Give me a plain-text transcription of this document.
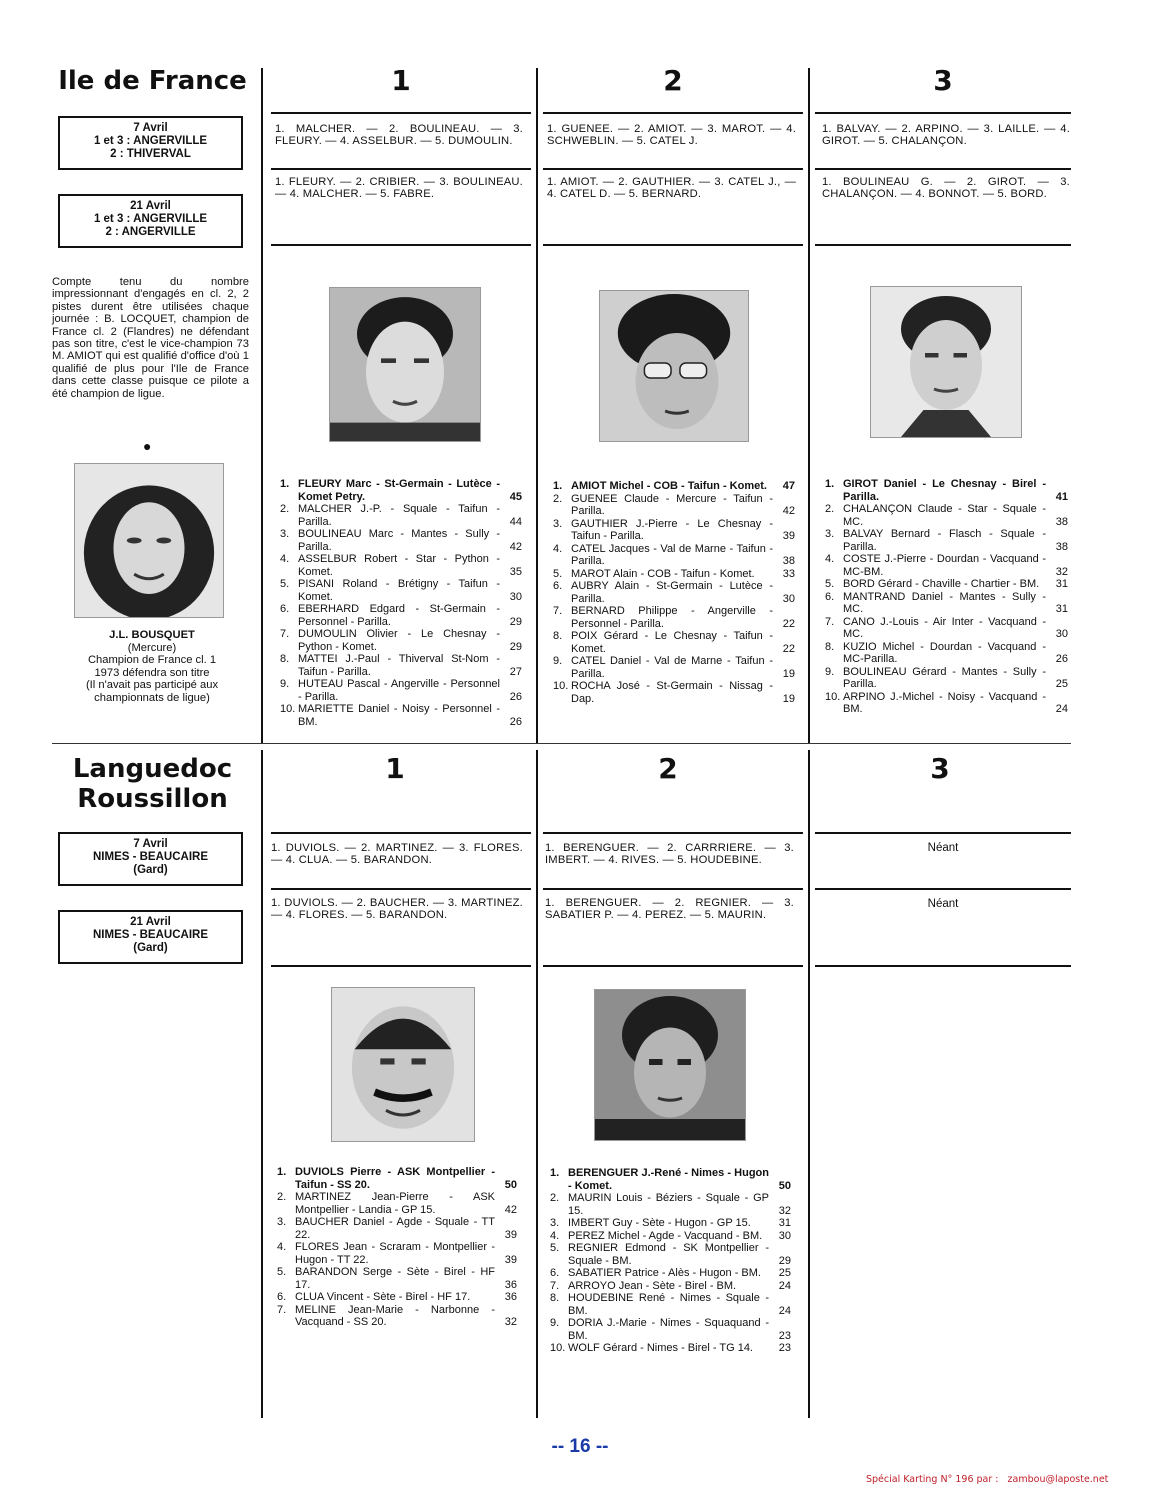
Ile de France
7 Avril
1 et 3 : ANGERVILLE
2 : THIVERVAL
21 Avril
1 et 3 : ANGERVILLE
2 : ANGERVILLE
Compte tenu du nombre impressionnant d'engagés en cl. 2, 2 pistes durent être utilisées chaque journée : B. LOCQUET, champion de France cl. 2 (Flandres) ne défendant pas son titre, c'est le vice-champion 73 M. AMIOT qui est qualifié d'office d'où 1 qualifié de plus pour l'Ile de France dans cette classe puisque ce pilote a été champion de ligue.
●
J.L. BOUSQUET
(Mercure)
Champion de France cl. 1
1973 défendra son titre
(Il n'avait pas participé aux
championnats de ligue)
1	2	3
1. MALCHER. — 2. BOULINEAU. — 3. FLEURY. — 4. ASSELBUR. — 5. DUMOULIN.
1. GUENEE. — 2. AMIOT. — 3. MAROT. — 4. SCHWEBLIN. — 5. CATEL J.
1. BALVAY. — 2. ARPINO. — 3. LAILLE. — 4. GIROT. — 5. CHALANÇON.
1. FLEURY. — 2. CRIBIER. — 3. BOULINEAU. — 4. MALCHER. — 5. FABRE.
1. AMIOT. — 2. GAUTHIER. — 3. CATEL J., — 4. CATEL D. — 5. BERNARD.
1. BOULINEAU G. — 2. GIROT. — 3. CHALANÇON. — 4. BONNOT. — 5. BORD.
1. FLEURY Marc - St-Germain - Lutèce - Komet Petry.	45
2. MALCHER J.-P. - Squale - Taifun - Parilla.	44
3. BOULINEAU Marc - Mantes - Sully - Parilla.	42
4. ASSELBUR Robert - Star - Python - Komet.	35
5. PISANI Roland - Brétigny - Taifun - Komet.	30
6. EBERHARD Edgard - St-Germain - Personnel - Parilla.	29
7. DUMOULIN Olivier - Le Chesnay - Python - Komet.	29
8. MATTEI J.-Paul - Thiverval St-Nom - Taifun - Parilla.	27
9. HUTEAU Pascal - Angerville - Personnel - Parilla.	26
10. MARIETTE Daniel - Noisy - Personnel - BM.	26
1. AMIOT Michel - COB - Taifun - Komet. 47
2. GUENEE Claude - Mercure - Taifun - Parilla.	42
3. GAUTHIER J.-Pierre - Le Chesnay - Taifun - Parilla.	39
4. CATEL Jacques - Val de Marne - Taifun - Parilla.	38
5. MAROT Alain - COB - Taifun - Komet.	33
6. AUBRY Alain - St-Germain - Lutèce - Parilla.	30
7. BERNARD Philippe - Angerville - Personnel - Parilla.	22
8. POIX Gérard - Le Chesnay - Taifun - Komet.	22
9. CATEL Daniel - Val de Marne - Taifun - Parilla.	19
10. ROCHA José - St-Germain - Nissag - Dap.	19
1. GIROT Daniel - Le Chesnay - Birel - Parilla.	41
2. CHALANÇON Claude - Star - Squale - MC.	38
3. BALVAY Bernard - Flasch - Squale - Parilla.	38
4. COSTE J.-Pierre - Dourdan - Vacquand - MC-BM.	32
5. BORD Gérard - Chaville - Chartier - BM. 31
6. MANTRAND Daniel - Mantes - Sully - MC.	31
7. CANO J.-Louis - Air Inter - Vacquand - MC.	30
8. KUZIO Michel - Dourdan - Vacquand - MC-Parilla.	26
9. BOULINEAU Gérard - Mantes - Sully - Parilla.	25
10. ARPINO J.-Michel - Noisy - Vacquand - BM.	24
Languedoc
Roussillon
7 Avril
NIMES - BEAUCAIRE
(Gard)
21 Avril
NIMES - BEAUCAIRE
(Gard)
1	2	3
1. DUVIOLS. — 2. MARTINEZ. — 3. FLORES. — 4. CLUA. — 5. BARANDON.
1. BERENGUER. — 2. CARRRIERE. — 3. IMBERT. — 4. RIVES. — 5. HOUDEBINE.
Néant
1. DUVIOLS. — 2. BAUCHER. — 3. MARTINEZ. — 4. FLORES. — 5. BARANDON.
1. BERENGUER. — 2. REGNIER. — 3. SABATIER P. — 4. PEREZ. — 5. MAURIN.
Néant
1. DUVIOLS Pierre - ASK Montpellier - Taifun - SS 20.	50
2. MARTINEZ Jean-Pierre - ASK Montpellier - Landia - GP 15.	42
3. BAUCHER Daniel - Agde - Squale - TT 22.	39
4. FLORES Jean - Scraram - Montpellier - Hugon - TT 22.	39
5. BARANDON Serge - Sète - Birel - HF 17.	36
6. CLUA Vincent - Sète - Birel - HF 17.	36
7. MELINE Jean-Marie - Narbonne - Vacquand - SS 20.	32
1. BERENGUER J.-René - Nimes - Hugon - Komet.	50
2. MAURIN Louis - Béziers - Squale - GP 15.	32
3. IMBERT Guy - Sète - Hugon - GP 15.	31
4. PEREZ Michel - Agde - Vacquand - BM. 30
5. REGNIER Edmond - SK Montpellier - Squale - BM.	29
6. SABATIER Patrice - Alès - Hugon - BM. 25
7. ARROYO Jean - Sète - Birel - BM.	24
8. HOUDEBINE René - Nimes - Squale - BM.	24
9. DORIA J.-Marie - Nimes - Squaquand - BM.	23
10. WOLF Gérard - Nimes - Birel - TG 14. 23
-- 16 --
Spécial Karting N° 196 par :   zambou@laposte.net
